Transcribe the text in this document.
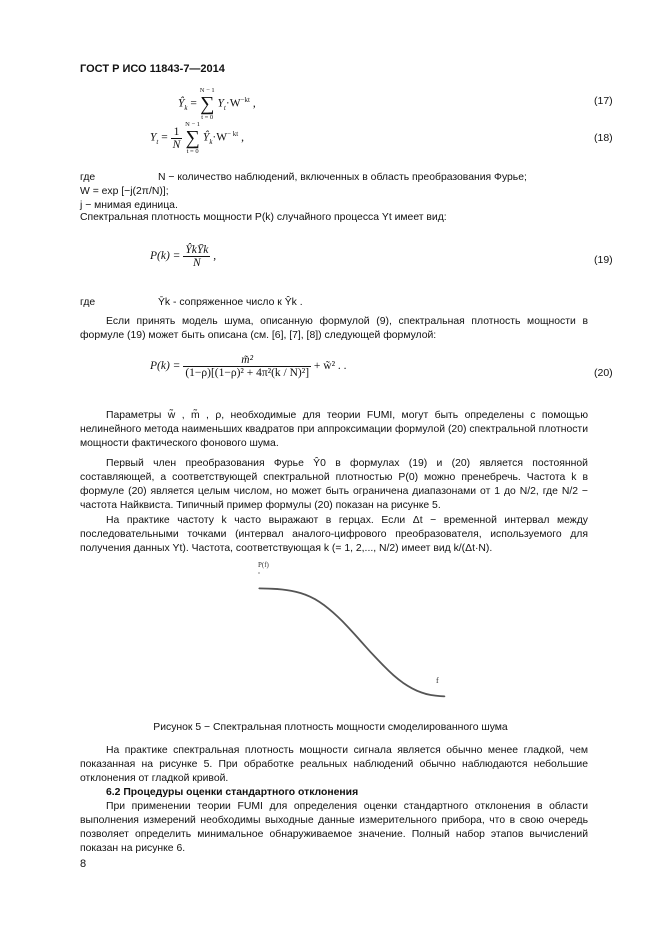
ГОСТ Р ИСО 11843-7—2014
$Ŷ_k$ =
N − 1
∑
t = 0
$Y_t\cdot W^{-kt}$ ,	(17)
$Y_t = \frac{1}{N}$

N − 1
∑
t = 0
$Ŷ_k\cdot W^{- kt}$ ,	(18)
где	N − количество наблюдений, включенных в область преобразования Фурье;
W = exp [−j(2π/N)];
j − мнимая единица.
Спектральная плотность мощности P(k) случайного процесса Yt имеет вид:
$P(k) = \frac{\text{ŶkȲk}}{N}$ ,	(19)
где	Ȳk - сопряженное число к Ŷk .
Если принять модель шума, описанную формулой (9), спектральная плотность мощности в формуле (19) может быть описана (см. [6], [7], [8]) следующей формулой:
$P(k) = \frac{\text{m̃²}}{\text{(1−ρ)[(1−ρ)² + 4π²(k / N)²]}}$ + w̃² . .
(20)
Параметры w̃ , m̃ , ρ, необходимые для теории FUMI, могут быть определены с помощью нелинейного метода наименьших квадратов при аппроксимации формулой (20) спектральной плотности мощности фактического фонового шума.
Первый член преобразования Фурье Ŷ0 в формулах (19) и (20) является постоянной составляющей, а соответствующей спектральной плотностью P(0) можно пренебречь. Частота k в формуле (20) является целым числом, но может быть ограничена диапазонами от 1 до N/2, где N/2 − частота Найквиста. Типичный пример формулы (20) показан на рисунке 5.
На практике частоту k часто выражают в герцах. Если Δt − временной интервал между последовательными точками (интервал аналого-цифрового преобразователя, используемого для получения данных Yt). Частота, соответствующая k (= 1, 2,..., N/2) имеет вид k/(Δt·N).
P(f)
f
Рисунок 5 − Спектральная плотность мощности смоделированного шума
На практике спектральная плотность мощности сигнала является обычно менее гладкой, чем показанная на рисунке 5. При обработке реальных наблюдений обычно наблюдаются небольшие отклонения от гладкой кривой.
6.2 Процедуры оценки стандартного отклонения
При применении теории FUMI для определения оценки стандартного отклонения в области выполнения измерений необходимы выходные данные измерительного прибора, что в свою очередь позволяет определить минимальное обнаруживаемое значение. Полный набор этапов вычислений показан на рисунке 6.
8
